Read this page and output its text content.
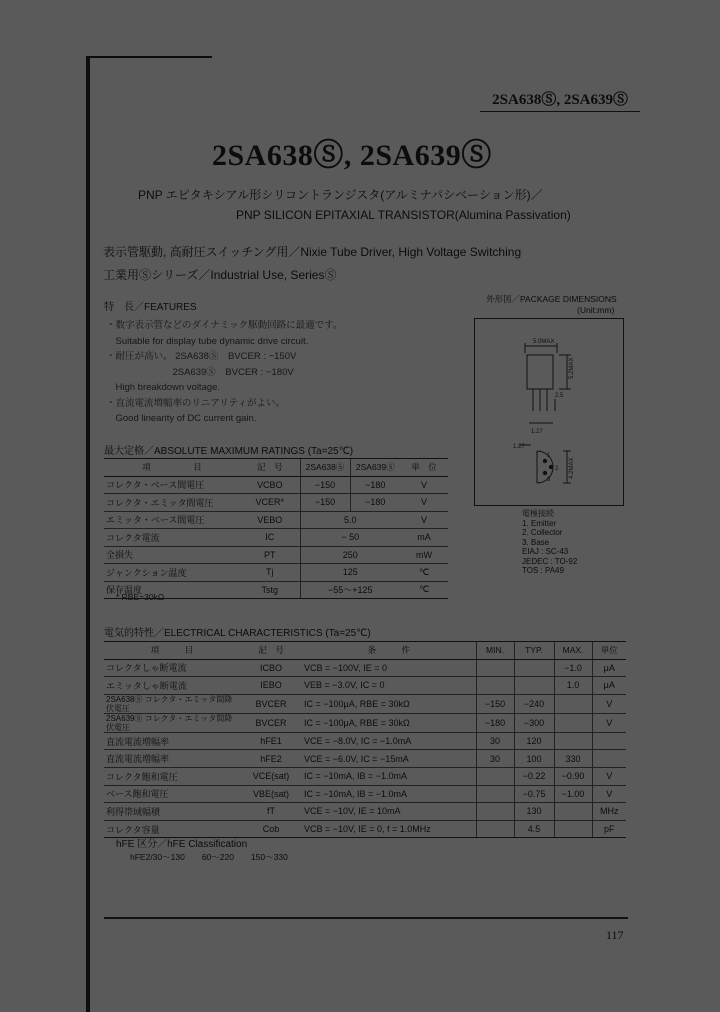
2SA638Ⓢ, 2SA639Ⓢ
2SA638Ⓢ, 2SA639Ⓢ
PNP エピタキシアル形シリコントランジスタ(アルミナパシベーション形)／
PNP SILICON EPITAXIAL TRANSISTOR(Alumina Passivation)
表示管駆動, 高耐圧スイッチング用／Nixie Tube Driver, High Voltage Switching
工業用Ⓢシリーズ／Industrial Use, SeriesⓈ
特　長／FEATURES
・数字表示管などのダイナミック駆動回路に最適です。
　Suitable for display tube dynamic drive circuit.
・耐圧が高い。 2SA638Ⓢ　BVCER : −150V
　　　　　　　2SA639Ⓢ　BVCER : −180V
　High breakdown voltage.
・直流電流増幅率のリニアリティがよい。
　Good linearity of DC current gain.
外形図／PACKAGE DIMENSIONS
(Unit:mm)
5.0MAX
5.2MAX
2.5
1.27
1.27
4.2MAX
1
2
3
電極接続
1. Emitter
2. Collector
3. Base
EIAJ : SC-43
JEDEC : TO-92
TOS : PA49
最大定格／ABSOLUTE MAXIMUM RATINGS (Ta=25℃)
項　　　　　目	記　号	2SA638Ⓢ	2SA639Ⓢ	単　位
コレクタ・ベース間電圧	VCBO	−150	−180	V
コレクタ・エミッタ間電圧	VCER*	−150	−180	V
エミッタ・ベース間電圧	VEBO	5.0		V
コレクタ電流	IC	− 50		mA
全損失	PT	250		mW
ジャンクション温度	Tj	125		℃
保存温度	Tstg	−55〜+125		℃
* RBE=30kΩ
電気的特性／ELECTRICAL CHARACTERISTICS (Ta=25℃)
項　　　目	記　号	条　　　件	MIN.	TYP.	MAX.	単位
コレクタしゃ断電流	ICBO	VCB = −100V, IE = 0			−1.0	μA
エミッタしゃ断電流	IEBO	VEB = −3.0V, IC = 0			1.0	μA
2SA638Ⓢ コレクタ・エミッタ間降伏電圧	BVCER	IC = −100μA, RBE = 30kΩ	−150	−240		V
2SA639Ⓢ コレクタ・エミッタ間降伏電圧	BVCER	IC = −100μA, RBE = 30kΩ	−180	−300		V
直流電流増幅率	hFE1	VCE = −8.0V, IC = −1.0mA	30	120		
直流電流増幅率	hFE2	VCE = −6.0V, IC = −15mA	30	100	330	
コレクタ飽和電圧	VCE(sat)	IC = −10mA, IB = −1.0mA		−0.22	−0.90	V
ベース飽和電圧	VBE(sat)	IC = −10mA, IB = −1.0mA		−0.75	−1.00	V
利得帯域幅積	fT	VCE = −10V, IE = 10mA		130		MHz
コレクタ容量	Cob	VCB = −10V, IE = 0, f = 1.0MHz		4.5		pF
hFE 区分／hFE Classification
hFE2/30〜130　　60〜220　　150〜330
117
